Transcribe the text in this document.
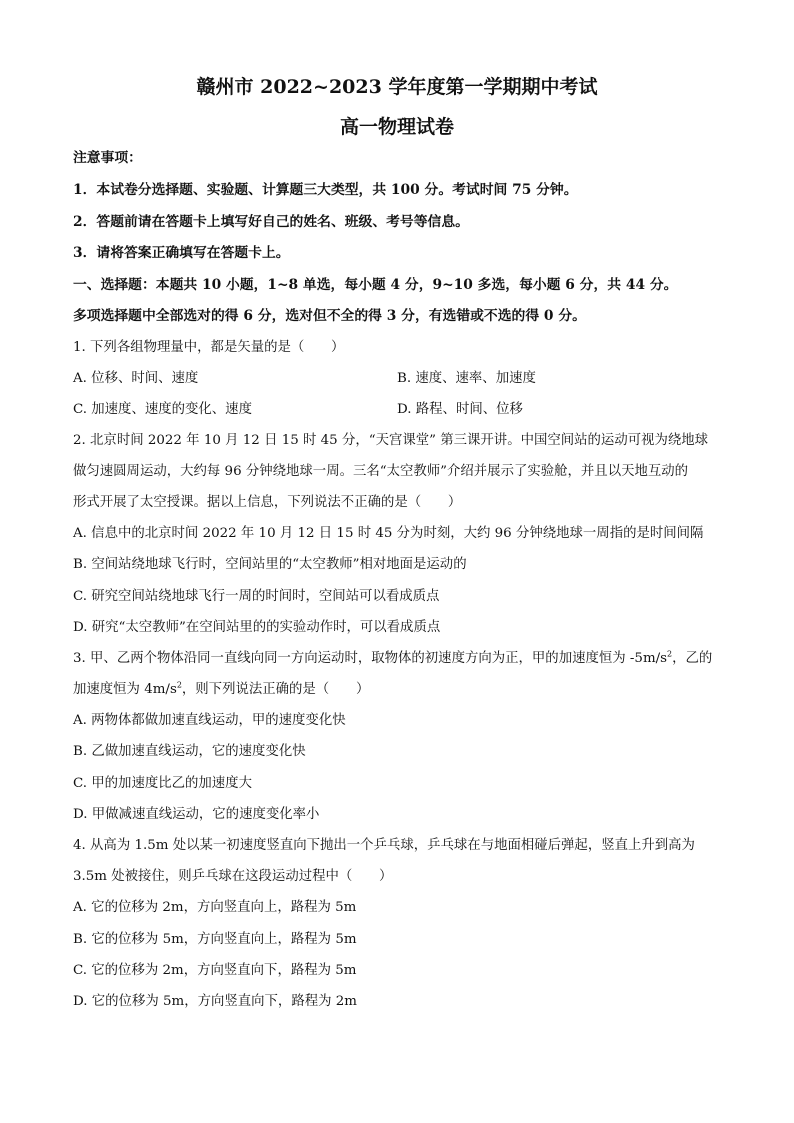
赣州市 2022~2023 学年度第一学期期中考试
高一物理试卷
注意事项：
1．本试卷分选择题、实验题、计算题三大类型，共 100 分。考试时间 75 分钟。
2．答题前请在答题卡上填写好自己的姓名、班级、考号等信息。
3．请将答案正确填写在答题卡上。
一、选择题：本题共 10 小题，1~8 单选，每小题 4 分，9~10 多选，每小题 6 分，共 44 分。
多项选择题中全部选对的得 6 分，选对但不全的得 3 分，有选错或不选的得 0 分。
1. 下列各组物理量中，都是矢量的是（　　）
A. 位移、时间、速度	B. 速度、速率、加速度
C. 加速度、速度的变化、速度	D. 路程、时间、位移
2. 北京时间 2022 年 10 月 12 日 15 时 45 分，“天宫课堂” 第三课开讲。中国空间站的运动可视为绕地球
做匀速圆周运动，大约每 96 分钟绕地球一周。三名“太空教师”介绍并展示了实验舱，并且以天地互动的
形式开展了太空授课。据以上信息，下列说法不正确的是（　　）
A. 信息中的北京时间 2022 年 10 月 12 日 15 时 45 分为时刻，大约 96 分钟绕地球一周指的是时间间隔
B. 空间站绕地球飞行时，空间站里的“太空教师”相对地面是运动的
C. 研究空间站绕地球飞行一周的时间时，空间站可以看成质点
D. 研究“太空教师”在空间站里的的实验动作时，可以看成质点
3. 甲、乙两个物体沿同一直线向同一方向运动时，取物体的初速度方向为正，甲的加速度恒为 $-5m/s^2$，乙的
加速度恒为 $4m/s^2$，则下列说法正确的是（　　）
A. 两物体都做加速直线运动，甲的速度变化快
B. 乙做加速直线运动，它的速度变化快
C. 甲的加速度比乙的加速度大
D. 甲做减速直线运动，它的速度变化率小
4. 从高为 1.5m 处以某一初速度竖直向下抛出一个乒乓球，乒乓球在与地面相碰后弹起，竖直上升到高为
3.5m 处被接住，则乒乓球在这段运动过程中（　　）
A. 它的位移为 2m，方向竖直向上，路程为 5m
B. 它的位移为 5m，方向竖直向上，路程为 5m
C. 它的位移为 2m，方向竖直向下，路程为 5m
D. 它的位移为 5m，方向竖直向下，路程为 2m
